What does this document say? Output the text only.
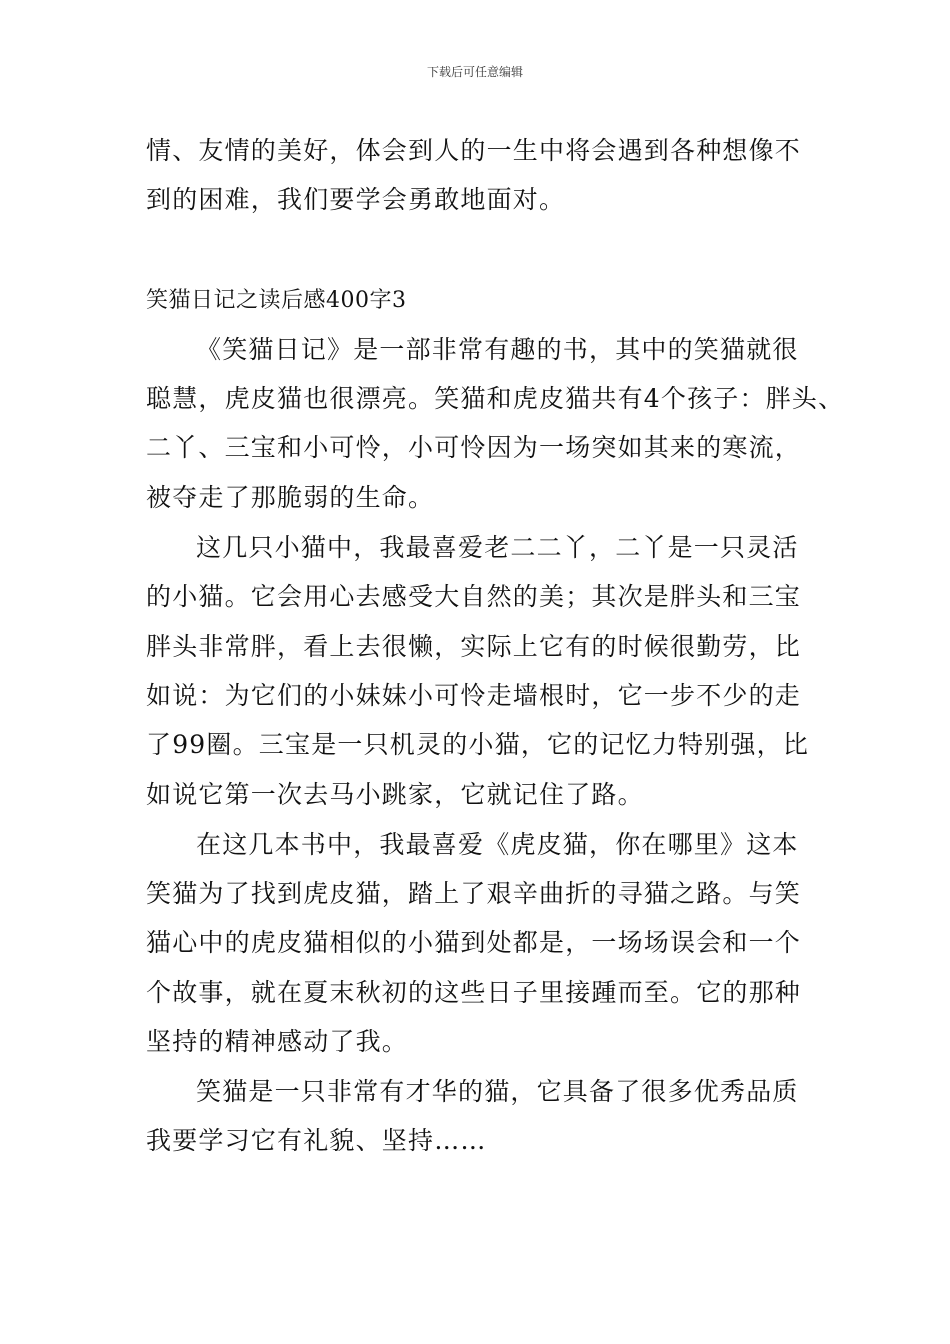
下载后可任意编辑
情、友情的美好，体会到人的一生中将会遇到各种想像不
到的困难，我们要学会勇敢地面对。
笑猫日记之读后感400字3
《笑猫日记》是一部非常有趣的书，其中的笑猫就很
聪慧，虎皮猫也很漂亮。笑猫和虎皮猫共有4个孩子：胖头、
二丫、三宝和小可怜，小可怜因为一场突如其来的寒流，
被夺走了那脆弱的生命。
这几只小猫中，我最喜爱老二二丫，二丫是一只灵活
的小猫。它会用心去感受大自然的美；其次是胖头和三宝
胖头非常胖，看上去很懒，实际上它有的时候很勤劳，比
如说：为它们的小妹妹小可怜走墙根时，它一步不少的走
了99圈。三宝是一只机灵的小猫，它的记忆力特别强，比
如说它第一次去马小跳家，它就记住了路。
在这几本书中，我最喜爱《虎皮猫，你在哪里》这本
笑猫为了找到虎皮猫，踏上了艰辛曲折的寻猫之路。与笑
猫心中的虎皮猫相似的小猫到处都是，一场场误会和一个
个故事，就在夏末秋初的这些日子里接踵而至。它的那种
坚持的精神感动了我。
笑猫是一只非常有才华的猫，它具备了很多优秀品质
我要学习它有礼貌、坚持……
